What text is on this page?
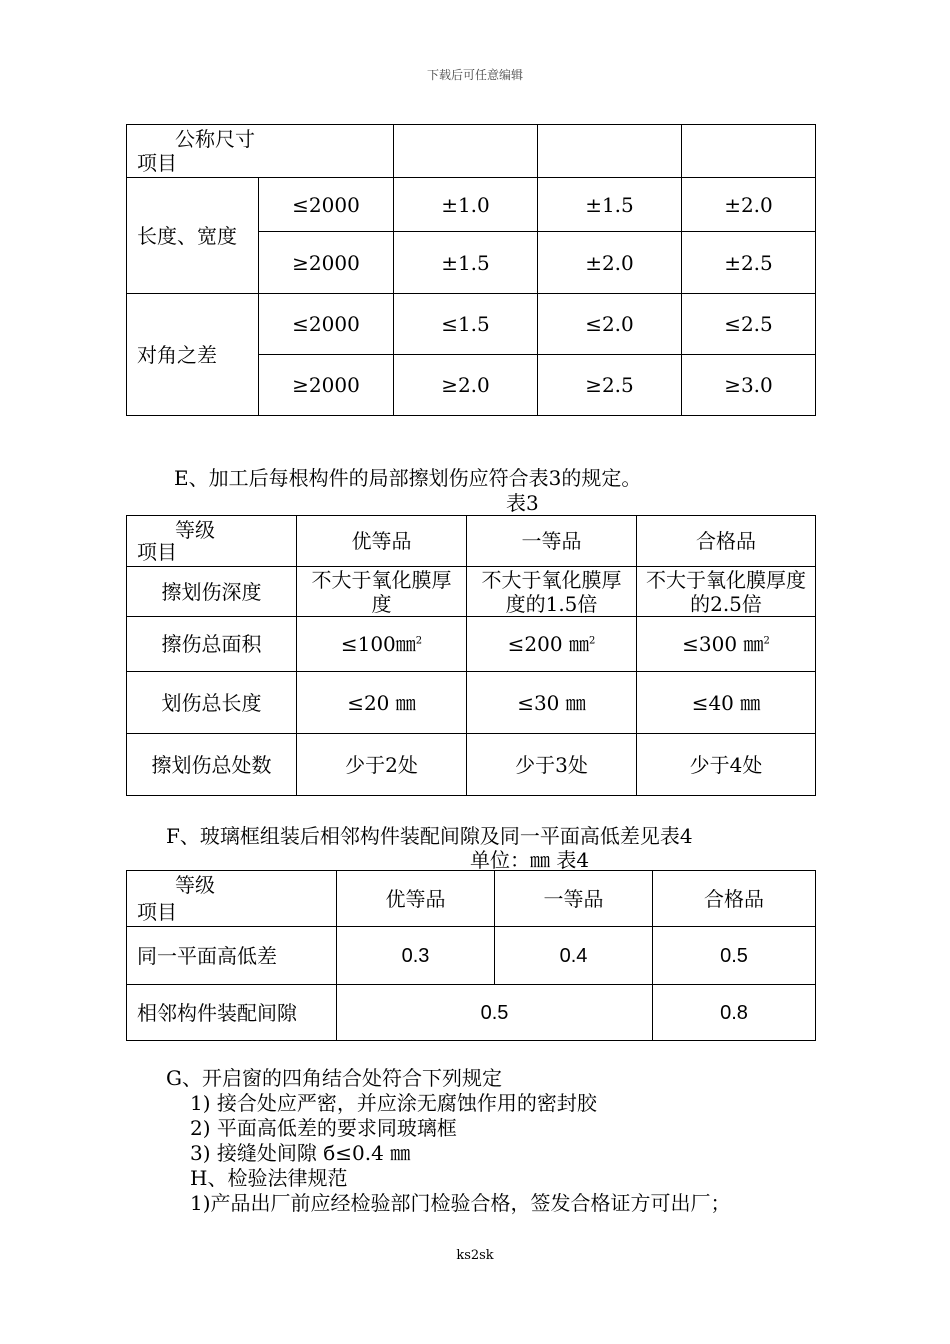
下载后可任意编辑
公称尺寸
项目				

长度、宽度	≤2000	±1.0	±1.5	±2.0
	≥2000	±1.5	±2.0	±2.5
对角之差	≤2000	≤1.5	≤2.0	≤2.5
	≥2000	≥2.0	≥2.5	≥3.0
E、加工后每根构件的局部擦划伤应符合表3的规定。
表3
等级
项目	优等品	一等品	合格品
擦划伤深度	不大于氧化膜厚度	不大于氧化膜厚度的1.5倍	不大于氧化膜厚度的2.5倍
擦伤总面积	≤100㎜$^2$	≤200 ㎜$^2$	≤300 ㎜$^2$
划伤总长度	≤20 ㎜	≤30 ㎜	≤40 ㎜
擦划伤总处数	少于2处	少于3处	少于4处
F、玻璃框组装后相邻构件装配间隙及同一平面高低差见表4
单位：㎜ 表4
等级
项目	优等品	一等品	合格品
同一平面高低差	0.3	0.4	0.5
相邻构件装配间隙	0.5		0.8
G、开启窗的四角结合处符合下列规定
1) 接合处应严密，并应涂无腐蚀作用的密封胶
2) 平面高低差的要求同玻璃框
3) 接缝处间隙 б≤0.4 ㎜
H、检验法律规范
1)产品出厂前应经检验部门检验合格，签发合格证方可出厂；
ks2sk
